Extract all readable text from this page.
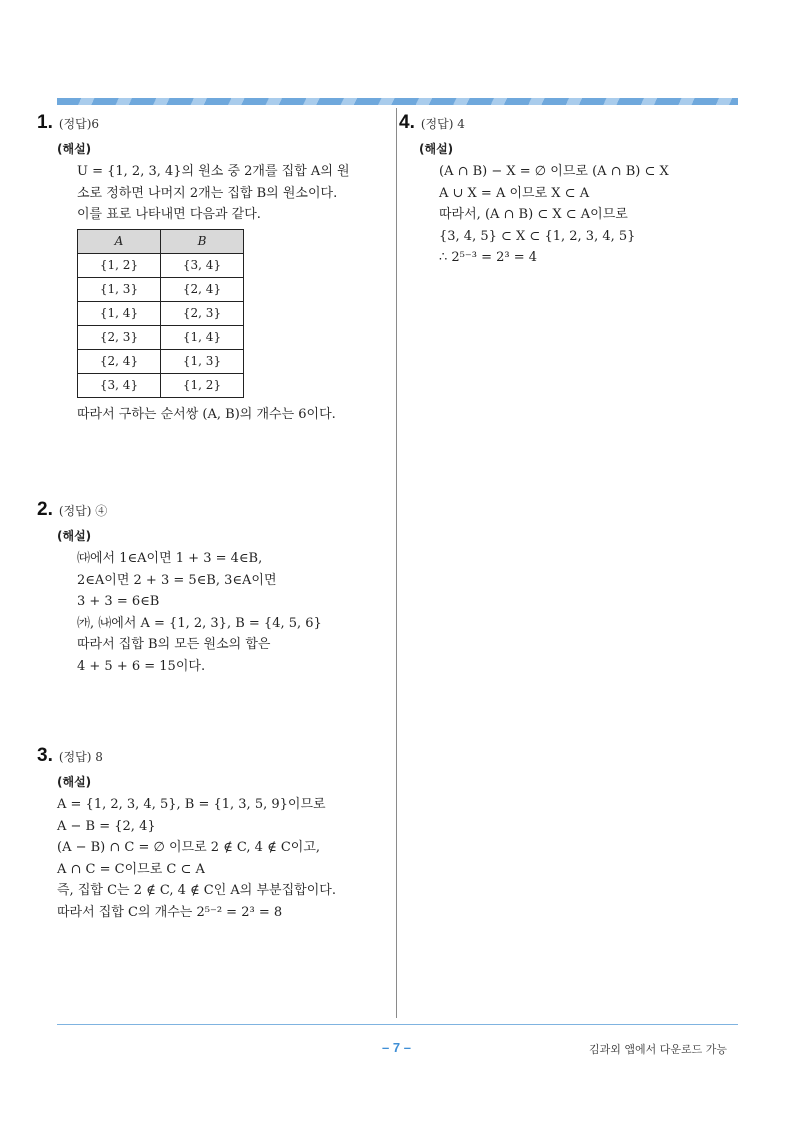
1. (정답)6
(해설)
U = {1, 2, 3, 4}의 원소 중 2개를 집합 A의 원
소로 정하면 나머지 2개는 집합 B의 원소이다.
이를 표로 나타내면 다음과 같다.
A	B
{1, 2}	{3, 4}
{1, 3}	{2, 4}
{1, 4}	{2, 3}
{2, 3}	{1, 4}
{2, 4}	{1, 3}
{3, 4}	{1, 2}
따라서 구하는 순서쌍 (A, B)의 개수는 6이다.
2. (정답) ④
(해설)
㈐에서 1∈A이면 1 + 3 = 4∈B,
2∈A이면 2 + 3 = 5∈B, 3∈A이면
3 + 3 = 6∈B
㈎, ㈏에서 A = {1, 2, 3}, B = {4, 5, 6}
따라서 집합 B의 모든 원소의 합은
4 + 5 + 6 = 15이다.
3. (정답) 8
(해설)
A = {1, 2, 3, 4, 5}, B = {1, 3, 5, 9}이므로
A − B = {2, 4}
(A − B) ∩ C = ∅ 이므로 2 ∉ C, 4 ∉ C이고,
A ∩ C = C이므로 C ⊂ A
즉, 집합 C는 2 ∉ C, 4 ∉ C인 A의 부분집합이다.
따라서 집합 C의 개수는 2⁵⁻² = 2³ = 8
4. (정답) 4
(해설)
(A ∩ B) − X = ∅ 이므로 (A ∩ B) ⊂ X
A ∪ X = A 이므로 X ⊂ A
따라서, (A ∩ B) ⊂ X ⊂ A이므로
{3, 4, 5} ⊂ X ⊂ {1, 2, 3, 4, 5}
∴ 2⁵⁻³ = 2³ = 4
– 7 –	김과외 앱에서 다운로드 가능
